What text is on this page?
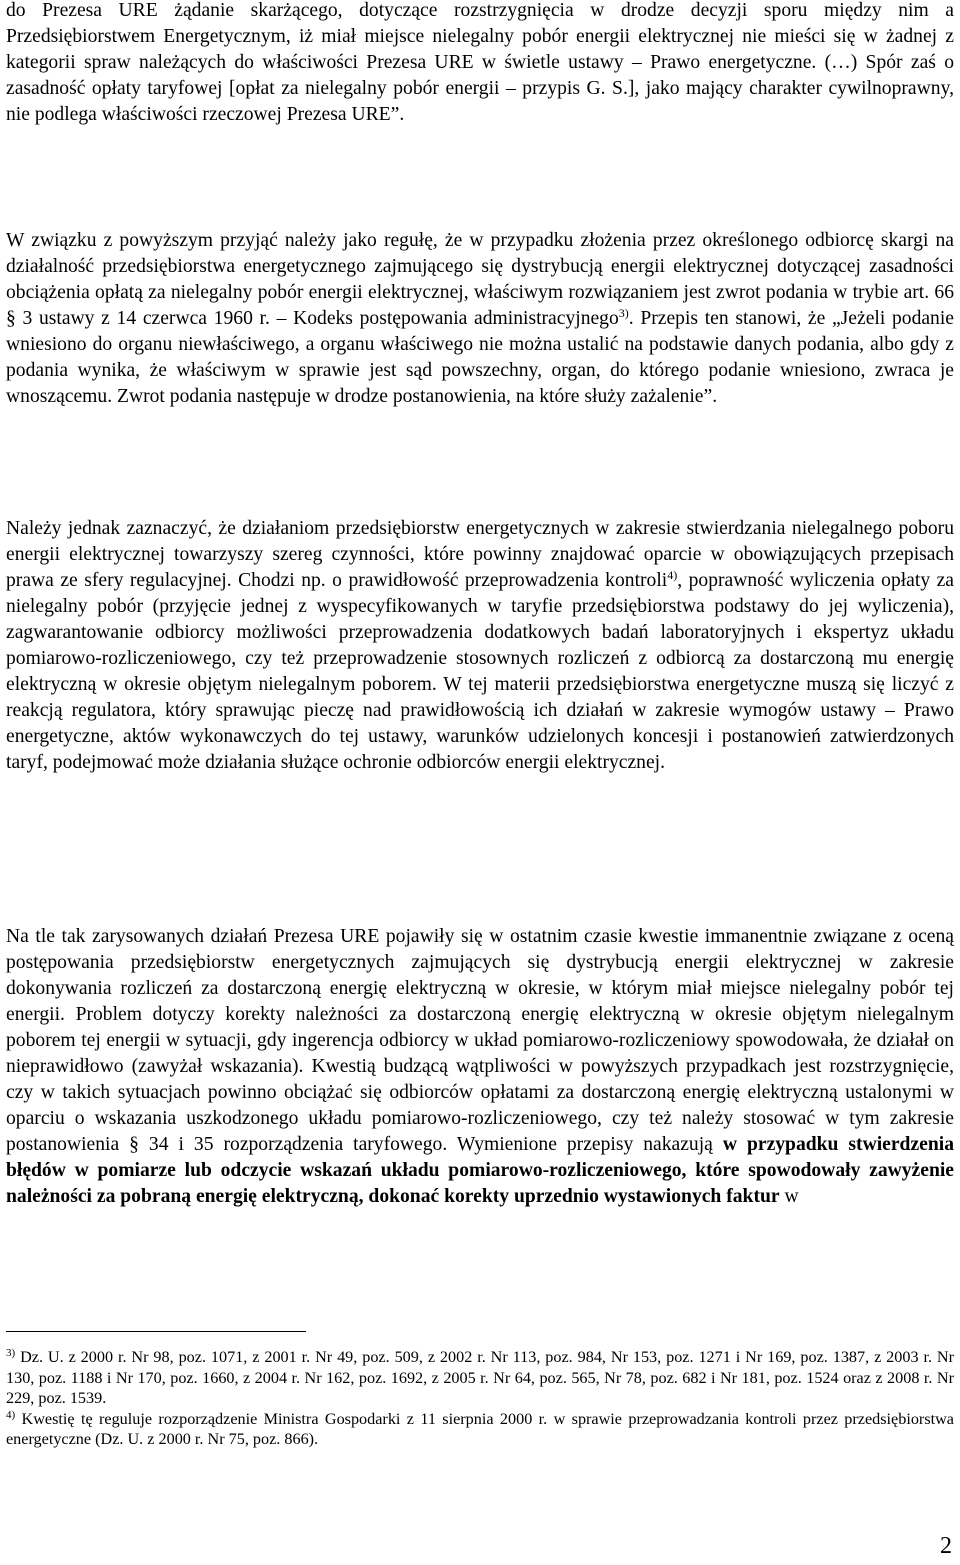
do Prezesa URE żądanie skarżącego, dotyczące rozstrzygnięcia w drodze decyzji sporu między nim a Przedsiębiorstwem Energetycznym, iż miał miejsce nielegalny pobór energii elektrycznej nie mieści się w żadnej z kategorii spraw należących do właściwości Prezesa URE w świetle ustawy – Prawo energetyczne. (…) Spór zaś o zasadność opłaty taryfowej [opłat za nielegalny pobór energii – przypis G. S.], jako mający charakter cywilnoprawny, nie podlega właściwości rzeczowej Prezesa URE”.

W związku z powyższym przyjąć należy jako regułę, że w przypadku złożenia przez określonego odbiorcę skargi na działalność przedsiębiorstwa energetycznego zajmującego się dystrybucją energii elektrycznej dotyczącej zasadności obciążenia opłatą za nielegalny pobór energii elektrycznej, właściwym rozwiązaniem jest zwrot podania w trybie art. 66 § 3 ustawy z 14 czerwca 1960 r. – Kodeks postępowania administracyjnego$^{3)}$. Przepis ten stanowi, że „Jeżeli podanie wniesiono do organu niewłaściwego, a organu właściwego nie można ustalić na podstawie danych podania, albo gdy z podania wynika, że właściwym w sprawie jest sąd powszechny, organ, do którego podanie wniesiono, zwraca je wnoszącemu. Zwrot podania następuje w drodze postanowienia, na które służy zażalenie”.

Należy jednak zaznaczyć, że działaniom przedsiębiorstw energetycznych w zakresie stwierdzania nielegalnego poboru energii elektrycznej towarzyszy szereg czynności, które powinny znajdować oparcie w obowiązujących przepisach prawa ze sfery regulacyjnej. Chodzi np. o prawidłowość przeprowadzenia kontroli$^{4)}$, poprawność wyliczenia opłaty za nielegalny pobór (przyjęcie jednej z wyspecyfikowanych w taryfie przedsiębiorstwa podstawy do jej wyliczenia), zagwarantowanie odbiorcy możliwości przeprowadzenia dodatkowych badań laboratoryjnych i ekspertyz układu pomiarowo-rozliczeniowego, czy też przeprowadzenie stosownych rozliczeń z odbiorcą za dostarczoną mu energię elektryczną w okresie objętym nielegalnym poborem. W tej materii przedsiębiorstwa energetyczne muszą się liczyć z reakcją regulatora, który sprawując pieczę nad prawidłowością ich działań w zakresie wymogów ustawy – Prawo energetyczne, aktów wykonawczych do tej ustawy, warunków udzielonych koncesji i postanowień zatwierdzonych taryf, podejmować może działania służące ochronie odbiorców energii elektrycznej.

Na tle tak zarysowanych działań Prezesa URE pojawiły się w ostatnim czasie kwestie immanentnie związane z oceną postępowania przedsiębiorstw energetycznych zajmujących się dystrybucją energii elektrycznej w zakresie dokonywania rozliczeń za dostarczoną energię elektryczną w okresie, w którym miał miejsce nielegalny pobór tej energii. Problem dotyczy korekty należności za dostarczoną energię elektryczną w okresie objętym nielegalnym poborem tej energii w sytuacji, gdy ingerencja odbiorcy w układ pomiarowo-rozliczeniowy spowodowała, że działał on nieprawidłowo (zawyżał wskazania). Kwestią budzącą wątpliwości w powyższych przypadkach jest rozstrzygnięcie, czy w takich sytuacjach powinno obciążać się odbiorców opłatami za dostarczoną energię elektryczną ustalonymi w oparciu o wskazania uszkodzonego układu pomiarowo-rozliczeniowego, czy też należy stosować w tym zakresie postanowienia § 34 i 35 rozporządzenia taryfowego. Wymienione przepisy nakazują w przypadku stwierdzenia błędów w pomiarze lub odczycie wskazań układu pomiarowo-rozliczeniowego, które spowodowały zawyżenie należności za pobraną energię elektryczną, dokonać korekty uprzednio wystawionych faktur w

$^{3)}$ Dz. U. z 2000 r. Nr 98, poz. 1071, z 2001 r. Nr 49, poz. 509, z 2002 r. Nr 113, poz. 984, Nr 153, poz. 1271 i Nr 169, poz. 1387, z 2003 r. Nr 130, poz. 1188 i Nr 170, poz. 1660, z 2004 r. Nr 162, poz. 1692, z 2005 r. Nr 64, poz. 565, Nr 78, poz. 682 i Nr 181, poz. 1524 oraz z 2008 r. Nr 229, poz. 1539.

$^{4)}$ Kwestię tę reguluje rozporządzenie Ministra Gospodarki z 11 sierpnia 2000 r. w sprawie przeprowadzania kontroli przez przedsiębiorstwa energetyczne (Dz. U. z 2000 r. Nr 75, poz. 866).

2
